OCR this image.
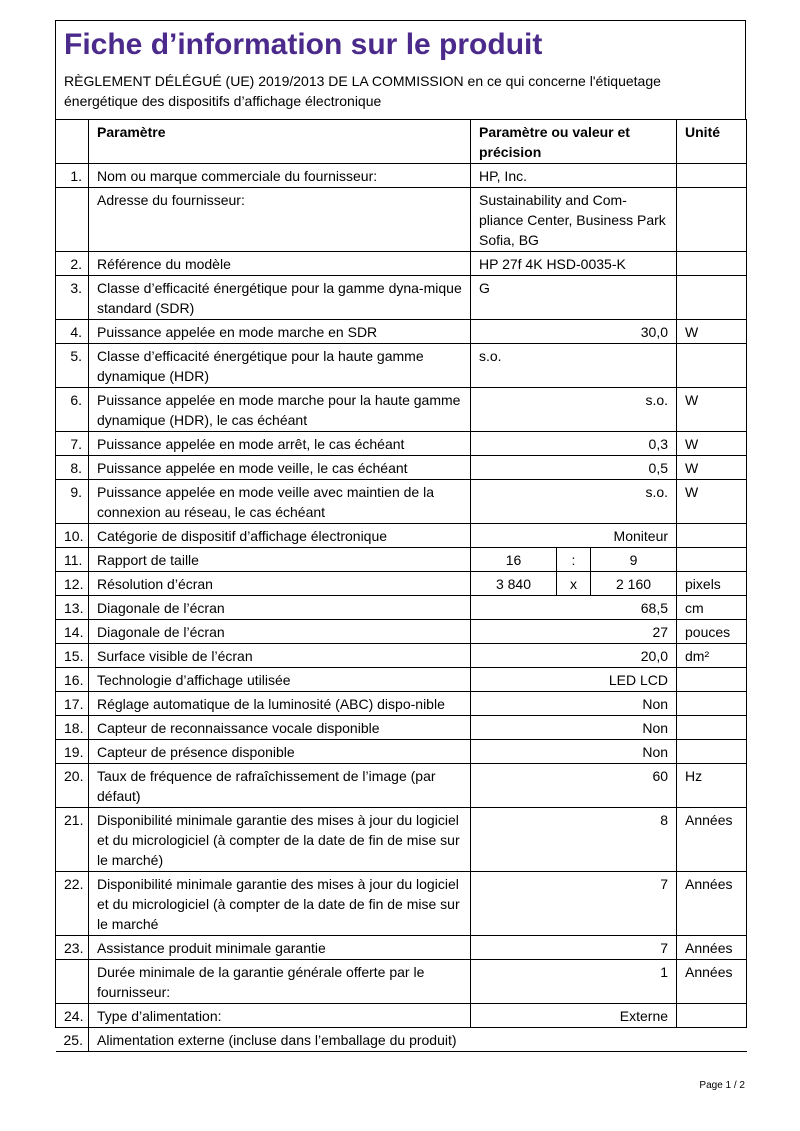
Fiche d’information sur le produit
RÈGLEMENT DÉLÉGUÉ (UE) 2019/2013 DE LA COMMISSION en ce qui concerne l'étiquetage énergétique des dispositifs d’affichage électronique
	Paramètre	Paramètre ou valeur et précision			Unité
1.	Nom ou marque commerciale du fournisseur:	HP, Inc.			
	Adresse du fournisseur:	Sustainability and Com-pliance Center, Business Park Sofia, BG			
2.	Référence du modèle	HP 27f 4K HSD-0035-K			
3.	Classe d’efficacité énergétique pour la gamme dyna-mique standard (SDR)	G			
4.	Puissance appelée en mode marche en SDR	30,0			W
5.	Classe d’efficacité énergétique pour la haute gamme dynamique (HDR)	s.o.			
6.	Puissance appelée en mode marche pour la haute gamme dynamique (HDR), le cas échéant	s.o.			W
7.	Puissance appelée en mode arrêt, le cas échéant	0,3			W
8.	Puissance appelée en mode veille, le cas échéant	0,5			W
9.	Puissance appelée en mode veille avec maintien de la connexion au réseau, le cas échéant	s.o.			W
10.	Catégorie de dispositif d’affichage électronique	Moniteur			
11.	Rapport de taille	16	:	9	
12.	Résolution d’écran	3 840	x	2 160	pixels
13.	Diagonale de l’écran	68,5			cm
14.	Diagonale de l’écran	27			pouces
15.	Surface visible de l’écran	20,0			dm²
16.	Technologie d’affichage utilisée	LED LCD			
17.	Réglage automatique de la luminosité (ABC) dispo-nible	Non			
18.	Capteur de reconnaissance vocale disponible	Non			
19.	Capteur de présence disponible	Non			
20.	Taux de fréquence de rafraîchissement de l’image (par défaut)	60			Hz
21.	Disponibilité minimale garantie des mises à jour du logiciel et du micrologiciel (à compter de la date de fin de mise sur le marché)	8			Années
22.	Disponibilité minimale garantie des mises à jour du logiciel et du micrologiciel (à compter de la date de fin de mise sur le marché	7			Années
23.	Assistance produit minimale garantie	7			Années
	Durée minimale de la garantie générale offerte par le fournisseur:	1			Années
24.	Type d’alimentation:	Externe			
25.	Alimentation externe (incluse dans l’emballage du produit)				
Page 1 / 2
